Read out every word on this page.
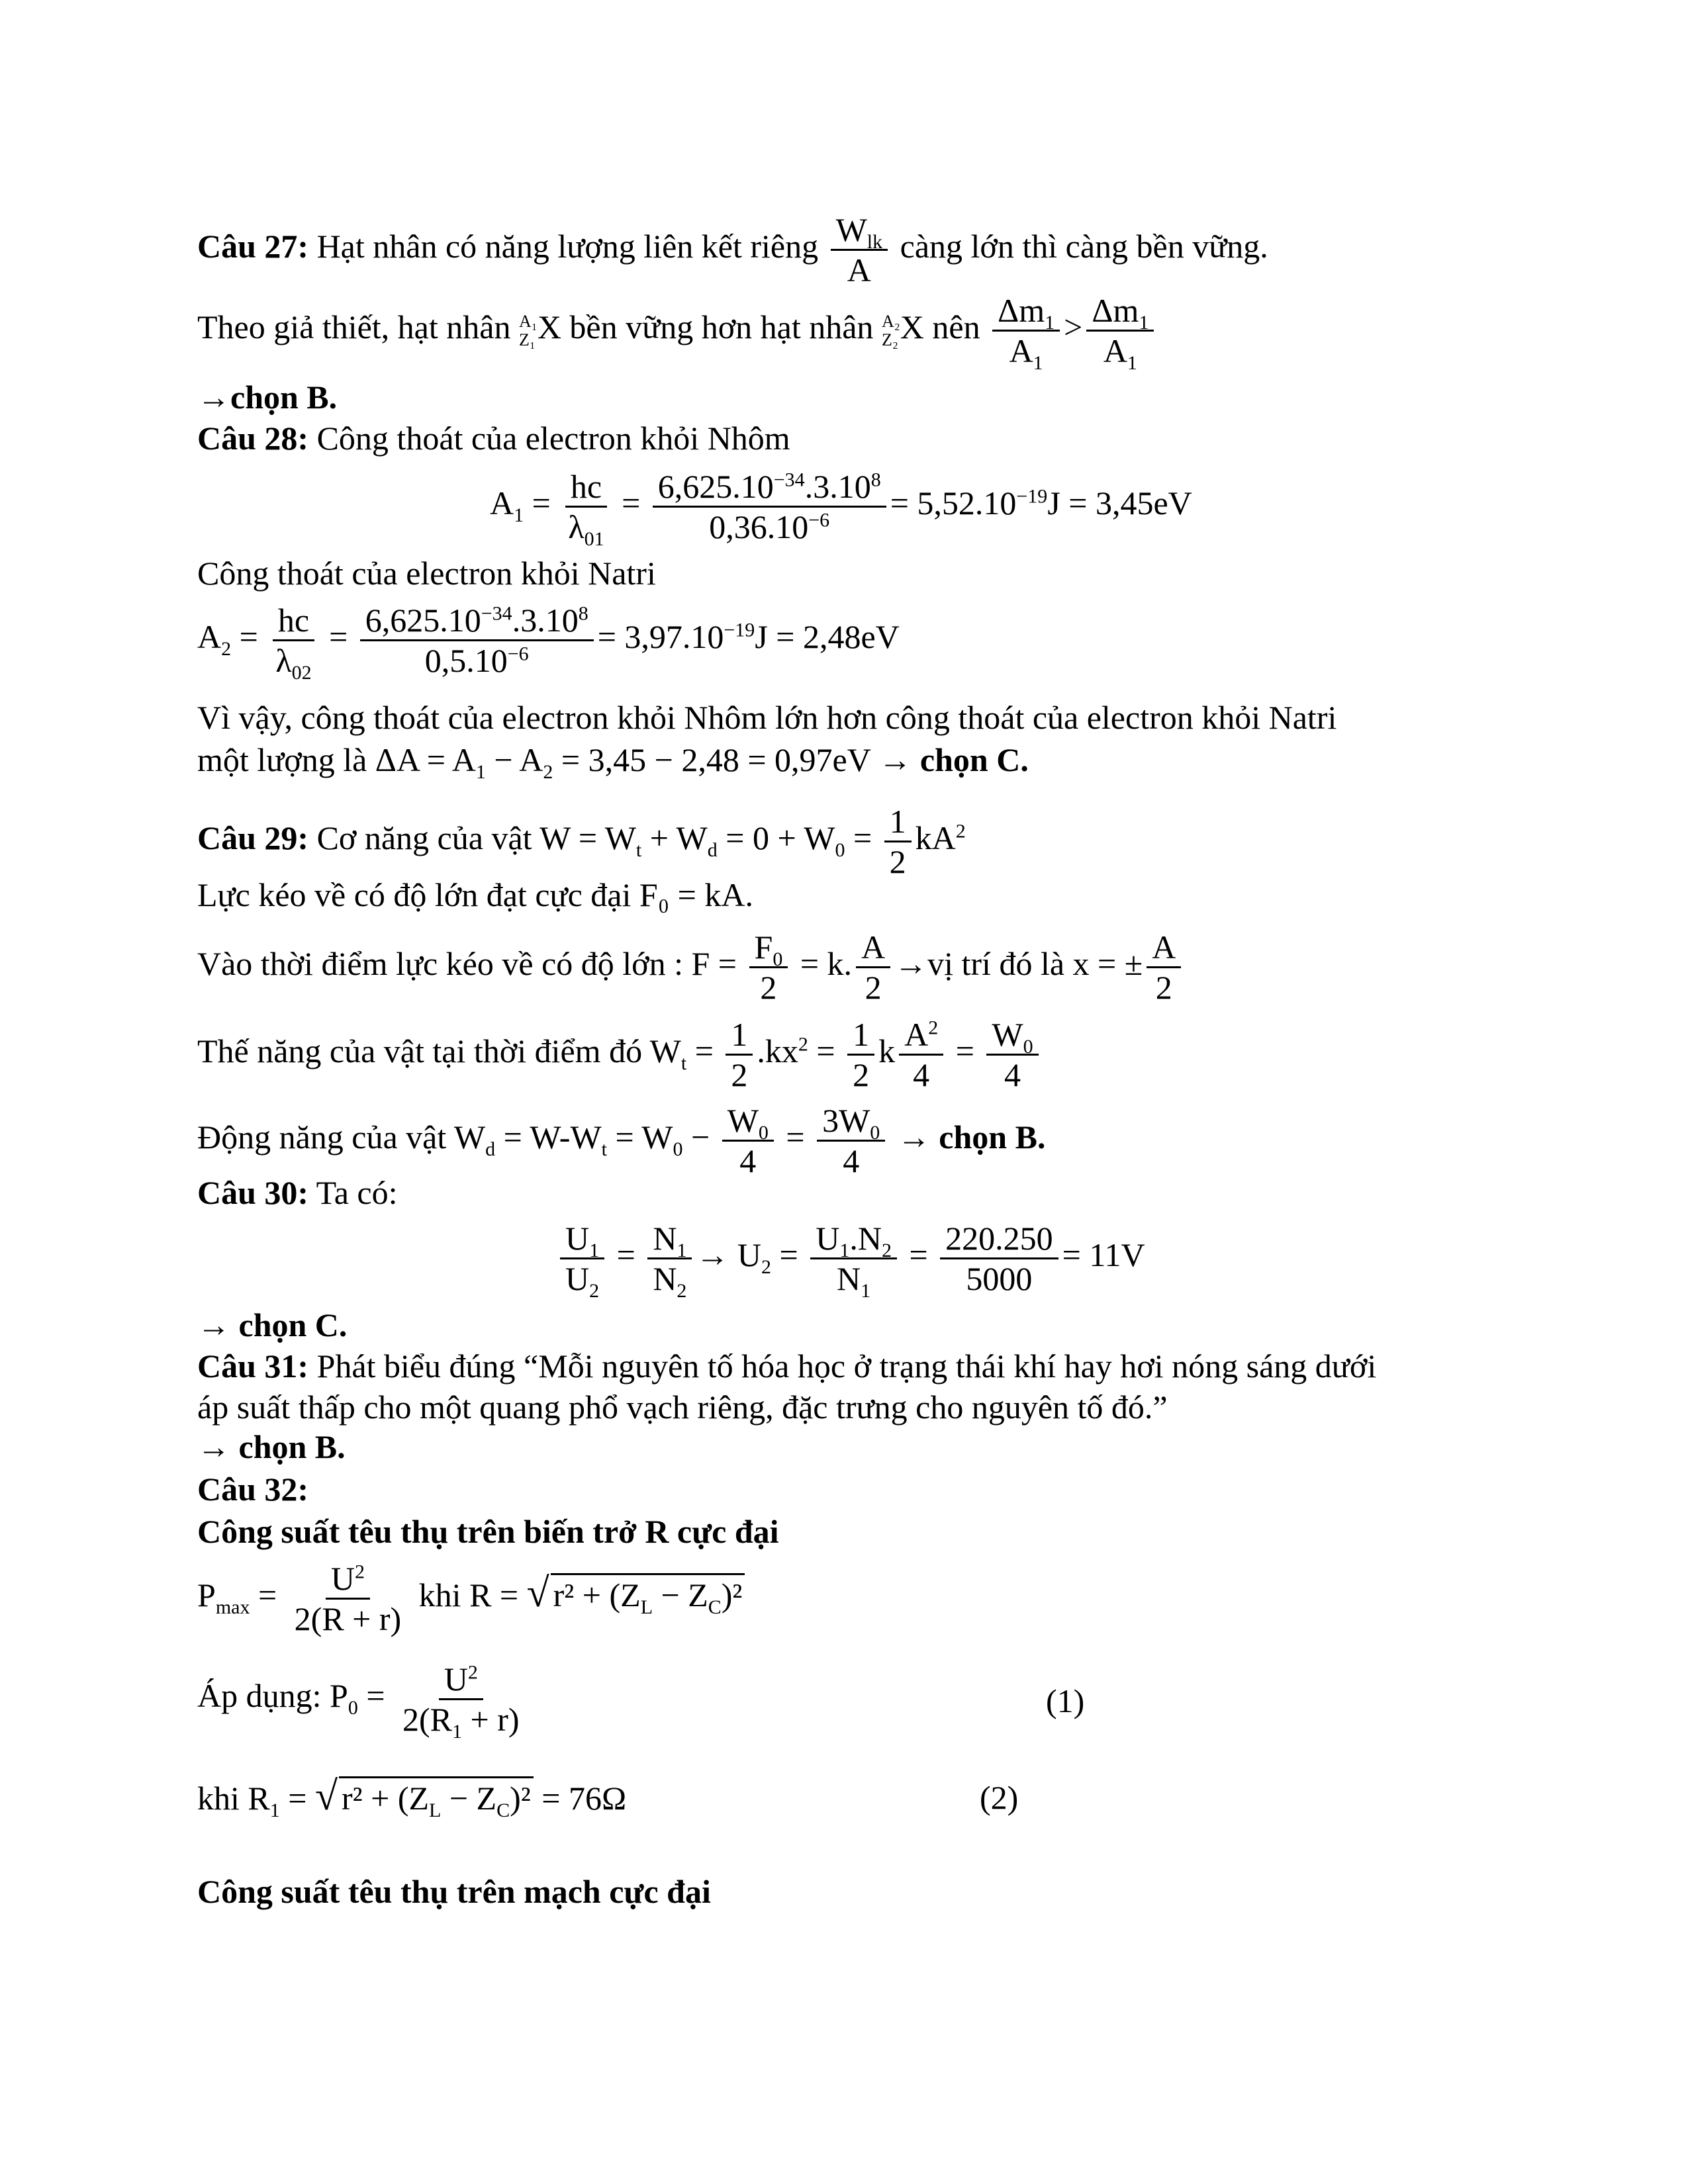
Câu 27: Hạt nhân có năng lượng liên kết riêng $\frac{W_{lk}}{A}$ càng lớn thì càng bền vững.
Theo giả thiết, hạt nhân A₁
Z₁ X bền vững hơn hạt nhân A₂
Z₂ X nên $\frac{\Delta m_1}{A_1} > \frac{\Delta m_1}{A_1}$
→chọn B.
Câu 28: Công thoát của electron khỏi Nhôm
$A_1 = \frac{hc}{\lambda_{01}} = \frac{6,625.10^{-34}.3.10^8}{0,36.10^{-6}} = 5,52.10^{-19}J = 3,45eV$
Công thoát của electron khỏi Natri
$A_2 = \frac{hc}{\lambda_{02}} = \frac{6,625.10^{-34}.3.10^8}{0,5.10^{-6}} = 3,97.10^{-19}J = 2,48eV$
Vì vậy, công thoát của electron khỏi Nhôm lớn hơn công thoát của electron khỏi Natri
một lượng là $\Delta A = A_1 - A_2 = 3,45 - 2,48 = 0,97eV$ → chọn C.
Câu 29: Cơ năng của vật $W = W_t + W_d = 0 + W_0 = \frac{1}{2} kA^2$
Lực kéo về có độ lớn đạt cực đại F₀ = kA.
Vào thời điểm lực kéo về có độ lớn : $F = \frac{F_0}{2} = k$. $\frac{A}{2}$ →vị trí đó là x = ± $\frac{A}{2}$
Thế năng của vật tại thời điểm đó $W_t = \frac{1}{2} .kx^2 = \frac{1}{2}$ k $\frac{A^2}{4} = \frac{W_0}{4}$
Động năng của vật $W_d = W-W_t = W_0 - \frac{W_0}{4} = \frac{3W_0}{4}$ → chọn B.
Câu 30: Ta có:
$\frac{U_1}{U_2} = \frac{N_1}{N_2} \to U_2 = \frac{U_1.N_2}{N_1} = \frac{220.250}{5000} = 11V$
→ chọn C.
Câu 31: Phát biểu đúng “Mỗi nguyên tố hóa học ở trạng thái khí hay hơi nóng sáng dưới
áp suất thấp cho một quang phổ vạch riêng, đặc trưng cho nguyên tố đó.”
→ chọn B.
Câu 32:
Công suất têu thụ trên biến trở R cực đại
$P_{max} = \frac{U^2}{2(R + r)}$ khi R = √ $r^2 + (Z_L - Z_C)^2$
Áp dụng: $P_0 = \frac{U^2}{2(R_1 + r)}$	(1)
khi $R_1$ = √ $r^2 + (Z_L - Z_C)^2 = 76\Omega$	(2)
Công suất têu thụ trên mạch cực đại
